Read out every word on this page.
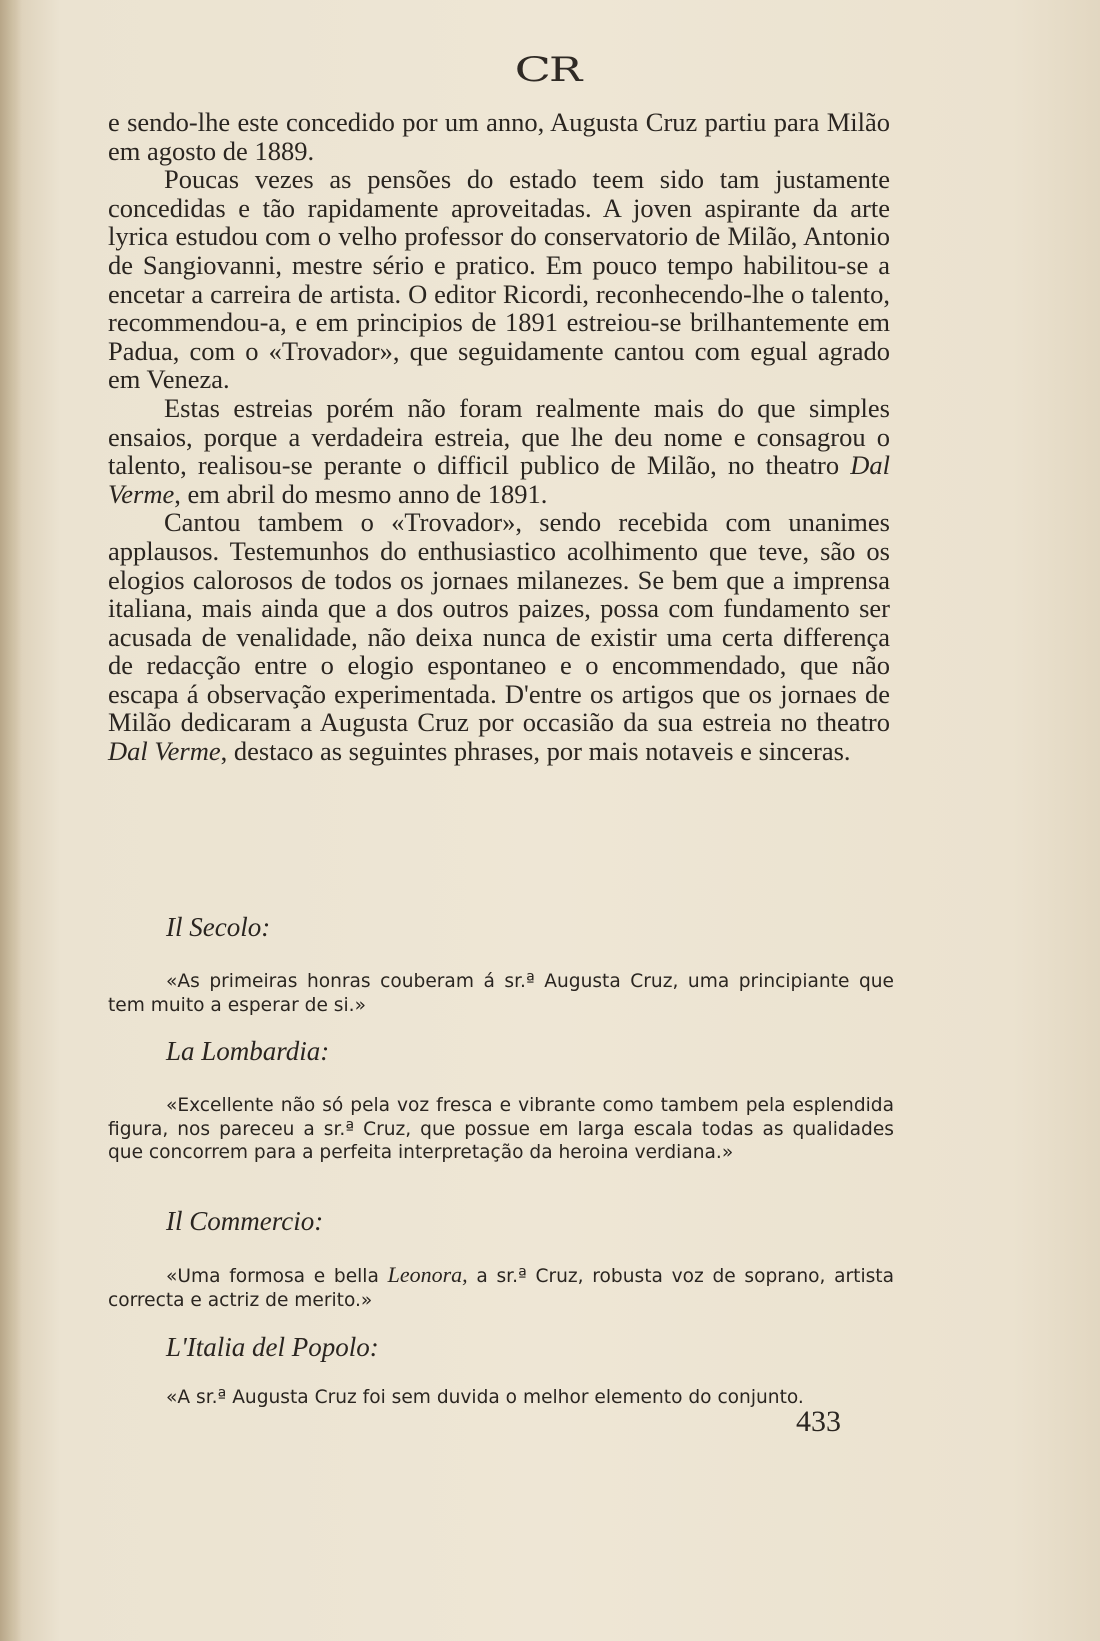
CR

e sendo-lhe este concedido por um anno, Augusta Cruz partiu para Milão em agosto de 1889.

Poucas vezes as pensões do estado teem sido tam justamente concedidas e tão rapidamente aproveitadas. A joven aspirante da arte lyrica estudou com o velho professor do conservatorio de Milão, Antonio de Sangiovanni, mestre sério e pratico. Em pouco tempo habilitou-se a encetar a carreira de artista. O editor Ricordi, reconhecendo-lhe o talento, recommendou-a, e em principios de 1891 estreiou-se brilhantemente em Padua, com o «Trovador», que seguidamente cantou com egual agrado em Veneza.

Estas estreias porém não foram realmente mais do que simples ensaios, porque a verdadeira estreia, que lhe deu nome e consagrou o talento, realisou-se perante o difficil publico de Milão, no theatro Dal Verme, em abril do mesmo anno de 1891.

Cantou tambem o «Trovador», sendo recebida com unanimes applausos. Testemunhos do enthusiastico acolhimento que teve, são os elogios calorosos de todos os jornaes milanezes. Se bem que a imprensa italiana, mais ainda que a dos outros paizes, possa com fundamento ser acusada de venalidade, não deixa nunca de existir uma certa differença de redacção entre o elogio espontaneo e o encommendado, que não escapa á observação experimentada. D'entre os artigos que os jornaes de Milão dedicaram a Augusta Cruz por occasião da sua estreia no theatro Dal Verme, destaco as seguintes phrases, por mais notaveis e sinceras.

Il Secolo:

«As primeiras honras couberam á sr.ª Augusta Cruz, uma principiante que tem muito a esperar de si.»

La Lombardia:

«Excellente não só pela voz fresca e vibrante como tambem pela esplendida figura, nos pareceu a sr.ª Cruz, que possue em larga escala todas as qualidades que concorrem para a perfeita interpretação da heroina verdiana.»

Il Commercio:

«Uma formosa e bella Leonora, a sr.ª Cruz, robusta voz de soprano, artista correcta e actriz de merito.»

L'Italia del Popolo:

«A sr.ª Augusta Cruz foi sem duvida o melhor elemento do conjunto.

433
